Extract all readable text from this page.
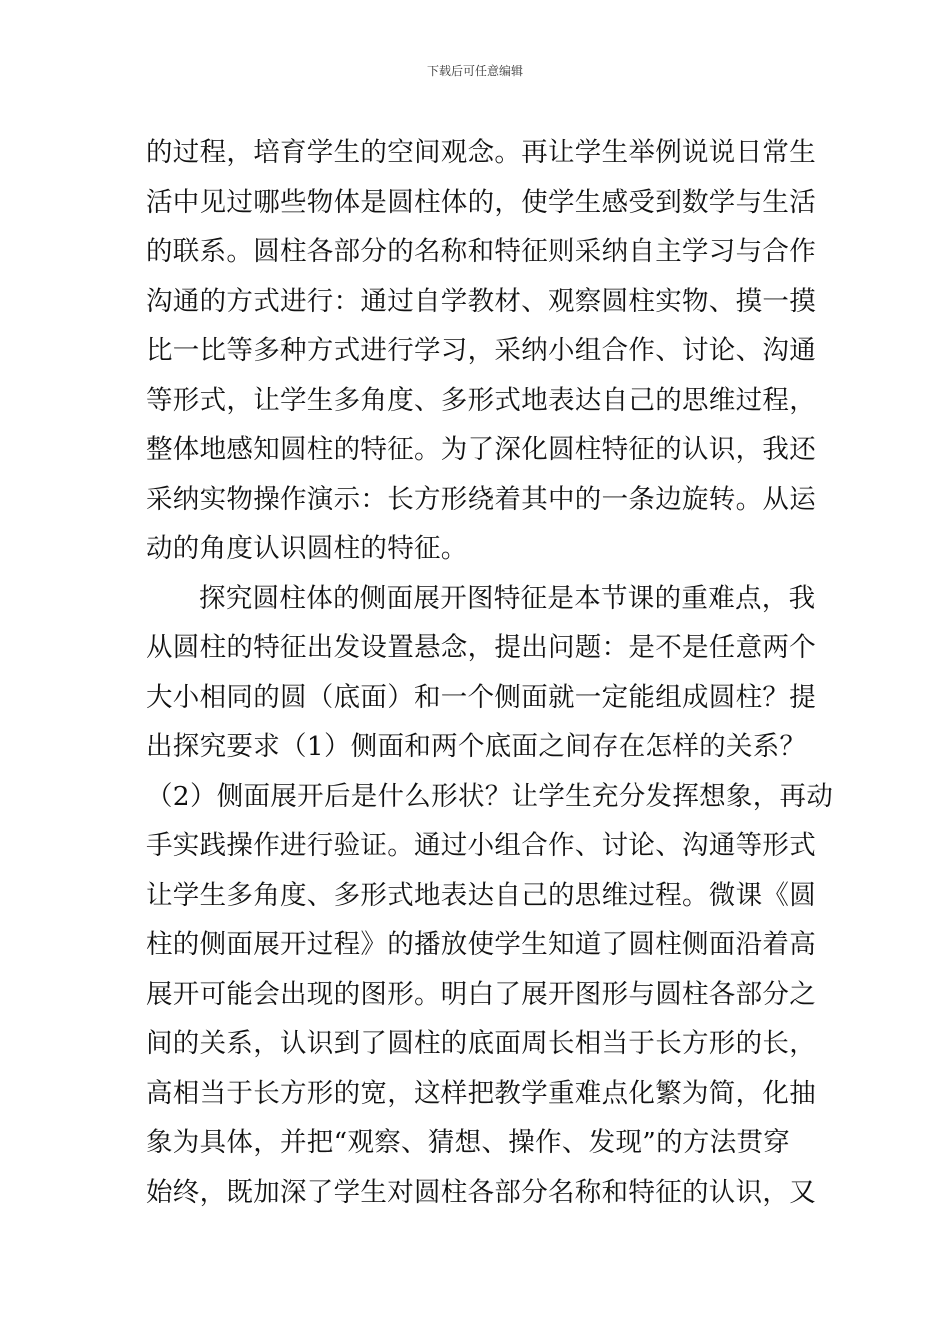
下载后可任意编辑
的过程，培育学生的空间观念。再让学生举例说说日常生
活中见过哪些物体是圆柱体的，使学生感受到数学与生活
的联系。圆柱各部分的名称和特征则采纳自主学习与合作
沟通的方式进行：通过自学教材、观察圆柱实物、摸一摸
比一比等多种方式进行学习，采纳小组合作、讨论、沟通
等形式，让学生多角度、多形式地表达自己的思维过程，
整体地感知圆柱的特征。为了深化圆柱特征的认识，我还
采纳实物操作演示：长方形绕着其中的一条边旋转。从运
动的角度认识圆柱的特征。
探究圆柱体的侧面展开图特征是本节课的重难点，我
从圆柱的特征出发设置悬念，提出问题：是不是任意两个
大小相同的圆（底面）和一个侧面就一定能组成圆柱？提
出探究要求（1）侧面和两个底面之间存在怎样的关系？
（2）侧面展开后是什么形状？让学生充分发挥想象，再动
手实践操作进行验证。通过小组合作、讨论、沟通等形式
让学生多角度、多形式地表达自己的思维过程。微课《圆
柱的侧面展开过程》的播放使学生知道了圆柱侧面沿着高
展开可能会出现的图形。明白了展开图形与圆柱各部分之
间的关系，认识到了圆柱的底面周长相当于长方形的长，
高相当于长方形的宽，这样把教学重难点化繁为简，化抽
象为具体，并把“观察、猜想、操作、发现”的方法贯穿
始终，既加深了学生对圆柱各部分名称和特征的认识，又
